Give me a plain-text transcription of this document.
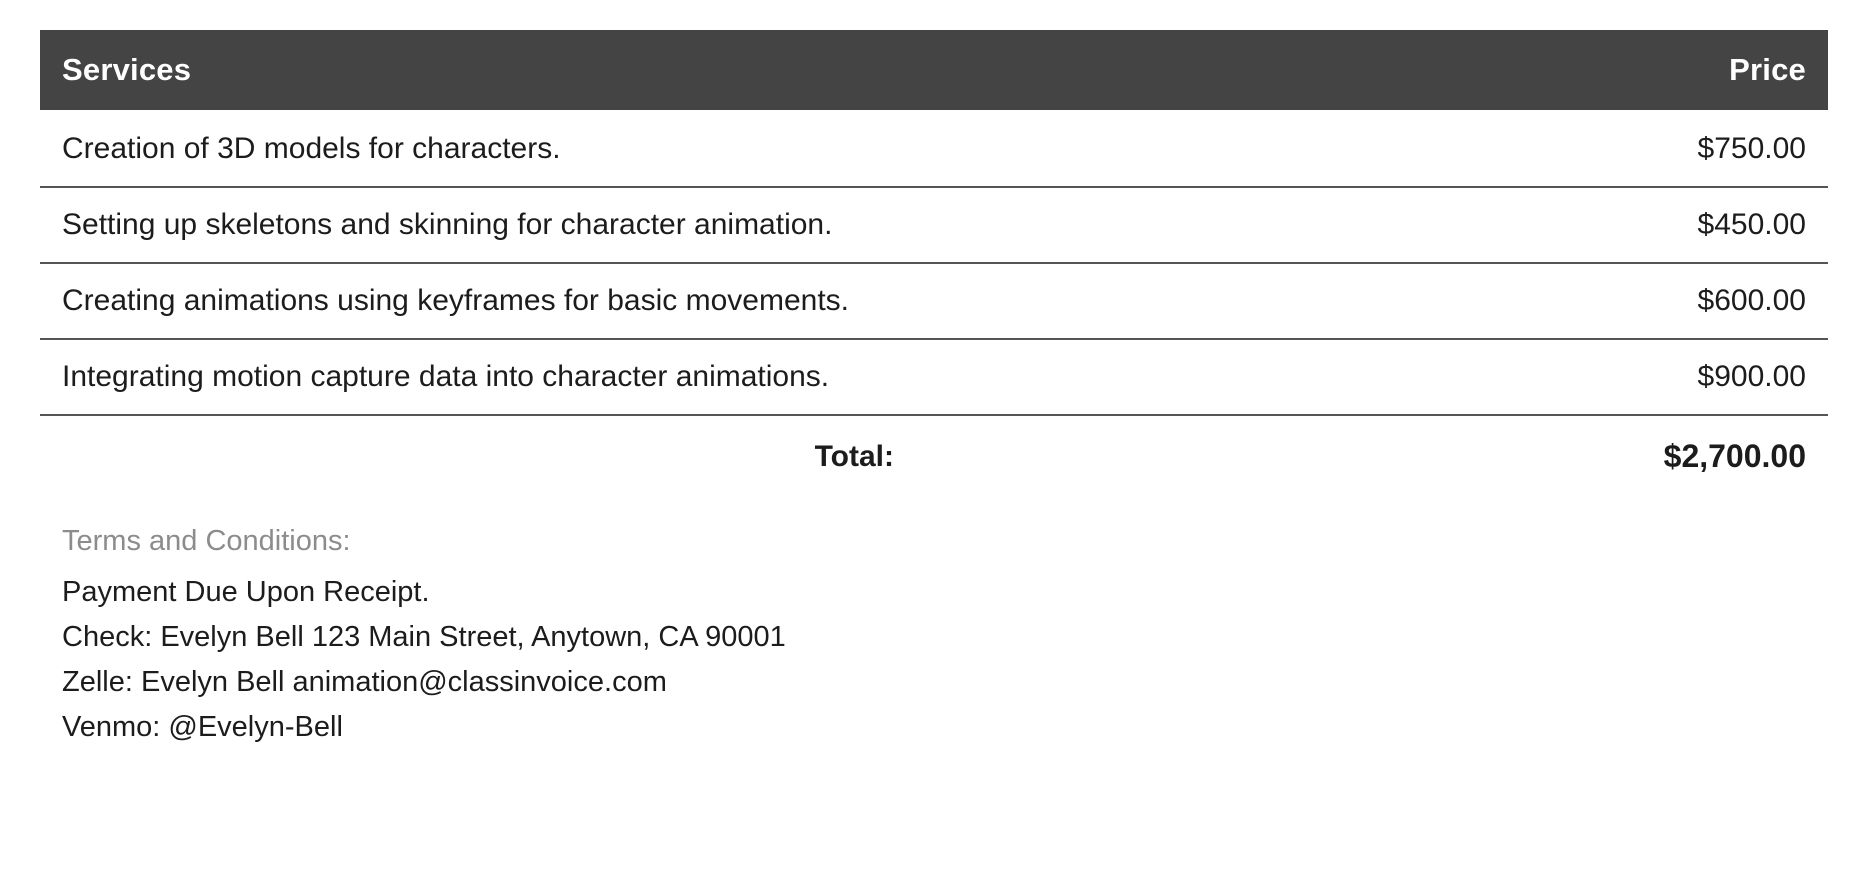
Services	Price
Creation of 3D models for characters.	$750.00
Setting up skeletons and skinning for character animation.	$450.00
Creating animations using keyframes for basic movements.	$600.00
Integrating motion capture data into character animations.	$900.00
Total:	$2,700.00
Terms and Conditions:
Payment Due Upon Receipt.
Check: Evelyn Bell 123 Main Street, Anytown, CA 90001
Zelle: Evelyn Bell animation@classinvoice.com
Venmo: @Evelyn-Bell
